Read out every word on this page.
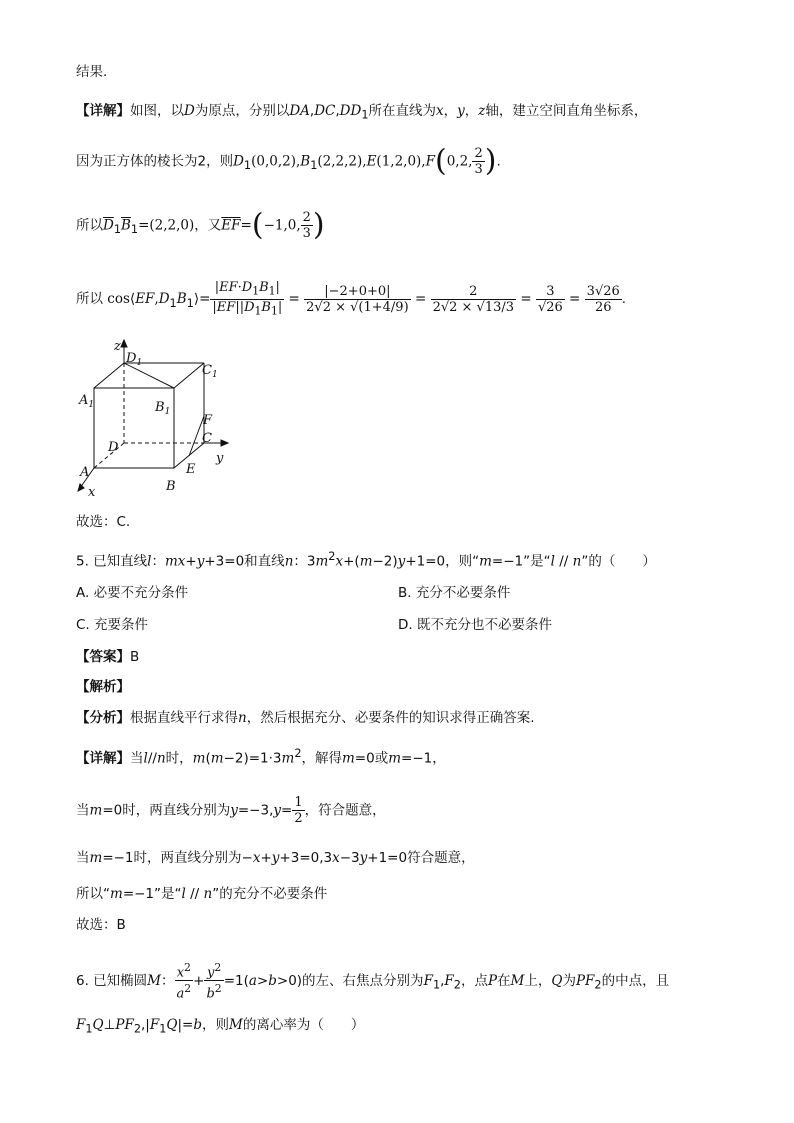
结果.
【详解】如图，以D为原点，分别以$DA,DC,DD_1$所在直线为x，y，z轴，建立空间直角坐标系，
因为正方体的棱长为2，则$D_1(0,0,2),B_1(2,2,2),E(1,2,0),F(0,2$, $\frac{2}{3}$ ).
所以$\overline{D}_1\overline{B}_1=(2,2,0)$，又$\overline{EF}=(-1,0$, $\frac{2}{3}$ )
所以 $\cos⟨EF,D_1B_1⟩= \frac{|EF\cdot D_1B_1|}{|EF||D_1B_1|} = \frac{|-2+0+0|}{2√2 \times √(1+4/9)} = \frac{2}{2√2 \times √13/3} = \frac{3}{√26} = \frac{3√26}{26}$ .
z
$D_1$	$C_1$
$A_1$	$B_1$
F
D
C
y
A	E
B
x
故选：C.
5. 已知直线l：mx+y+3=0和直线n：$3m^2x+(m-2)y+1=0$，则“m=−1”是“l // n”的（　　）
A. 必要不充分条件	B. 充分不必要条件
C. 充要条件	D. 既不充分也不必要条件
【答案】B
【解析】
【分析】根据直线平行求得n，然后根据充分、必要条件的知识求得正确答案.
【详解】当l//n时，$m(m-2)=1\cdot 3m^2$，解得m=0或m=−1，
当m=0时，两直线分别为$y=-3,y= \frac{1}{2}$ ，符合题意，
当m=−1时，两直线分别为−x+y+3=0,3x−3y+1=0符合题意，
所以“m=−1”是“l // n”的充分不必要条件
故选：B
6. 已知椭圆M： $\frac{x^2}{a^2} + \frac{y^2}{b^2} =1(a>b>0)$的左、右焦点分别为$F_1,F_2$，点P在M上，Q为$PF_2$的中点，且
$F_1Q\perp PF_2,|F_1Q|=b$，则M的离心率为（　　）
